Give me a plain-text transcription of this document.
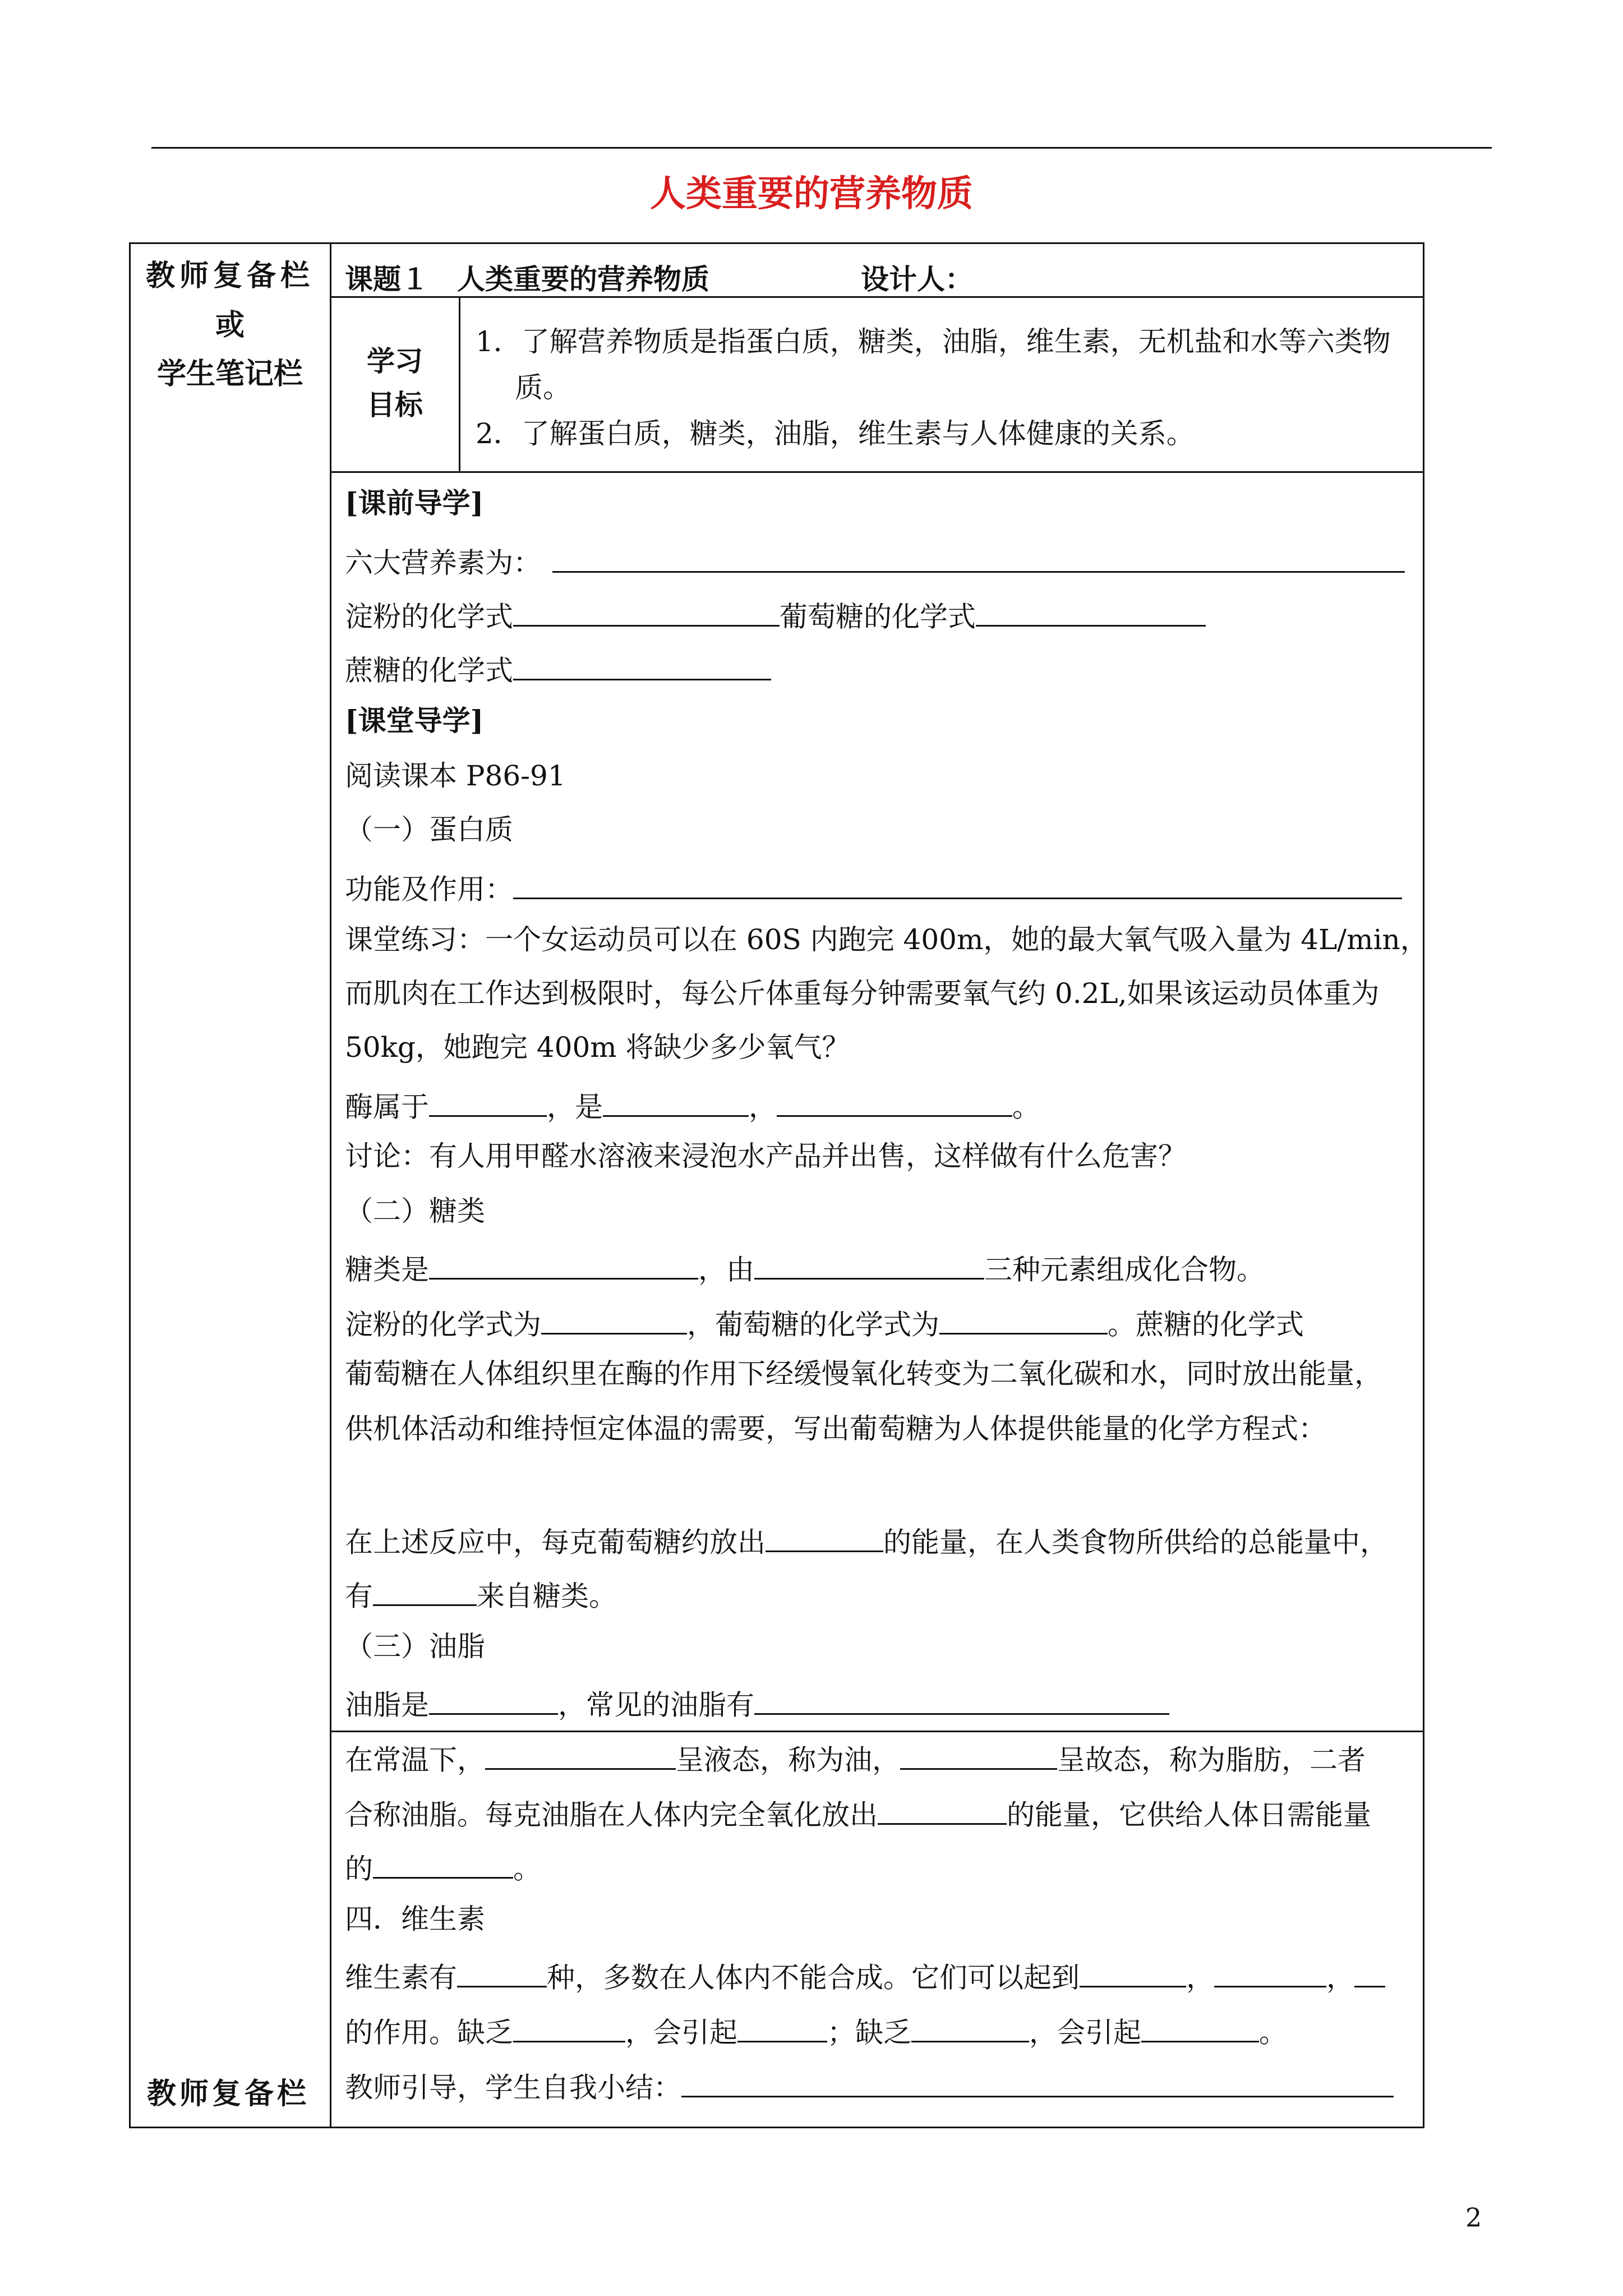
人类重要的营养物质
教师复备栏
或
学生笔记栏
教师复备栏
课题１　人类重要的营养物质	设计人：
学习
目标
1．了解营养物质是指蛋白质，糖类，油脂，维生素，无机盐和水等六类物质。
2．了解蛋白质，糖类，油脂，维生素与人体健康的关系。
[课前导学]
六大营养素为：
淀粉的化学式	葡萄糖的化学式
蔗糖的化学式
[课堂导学]
阅读课本 P86-91
（一）蛋白质
功能及作用：
课堂练习：一个女运动员可以在 60S 内跑完 400m，她的最大氧气吸入量为 4L/min，
而肌肉在工作达到极限时，每公斤体重每分钟需要氧气约 0.2L,如果该运动员体重为
50kg，她跑完 400m 将缺少多少氧气？
酶属于	，是	，	。
讨论：有人用甲醛水溶液来浸泡水产品并出售，这样做有什么危害？
（二）糖类
糖类是	，由	三种元素组成化合物。
淀粉的化学式为	，葡萄糖的化学式为	。蔗糖的化学式
葡萄糖在人体组织里在酶的作用下经缓慢氧化转变为二氧化碳和水，同时放出能量，
供机体活动和维持恒定体温的需要，写出葡萄糖为人体提供能量的化学方程式：
在上述反应中，每克葡萄糖约放出	的能量，在人类食物所供给的总能量中，
有	来自糖类。
（三）油脂
油脂是	，常见的油脂有
在常温下，	呈液态，称为油，	呈故态，称为脂肪，二者
合称油脂。每克油脂在人体内完全氧化放出	的能量，它供给人体日需能量
的	。
四．维生素
维生素有	种，多数在人体内不能合成。它们可以起到	，	，
的作用。缺乏	，会引起	；缺乏	，会引起	。
教师引导，学生自我小结：
2
